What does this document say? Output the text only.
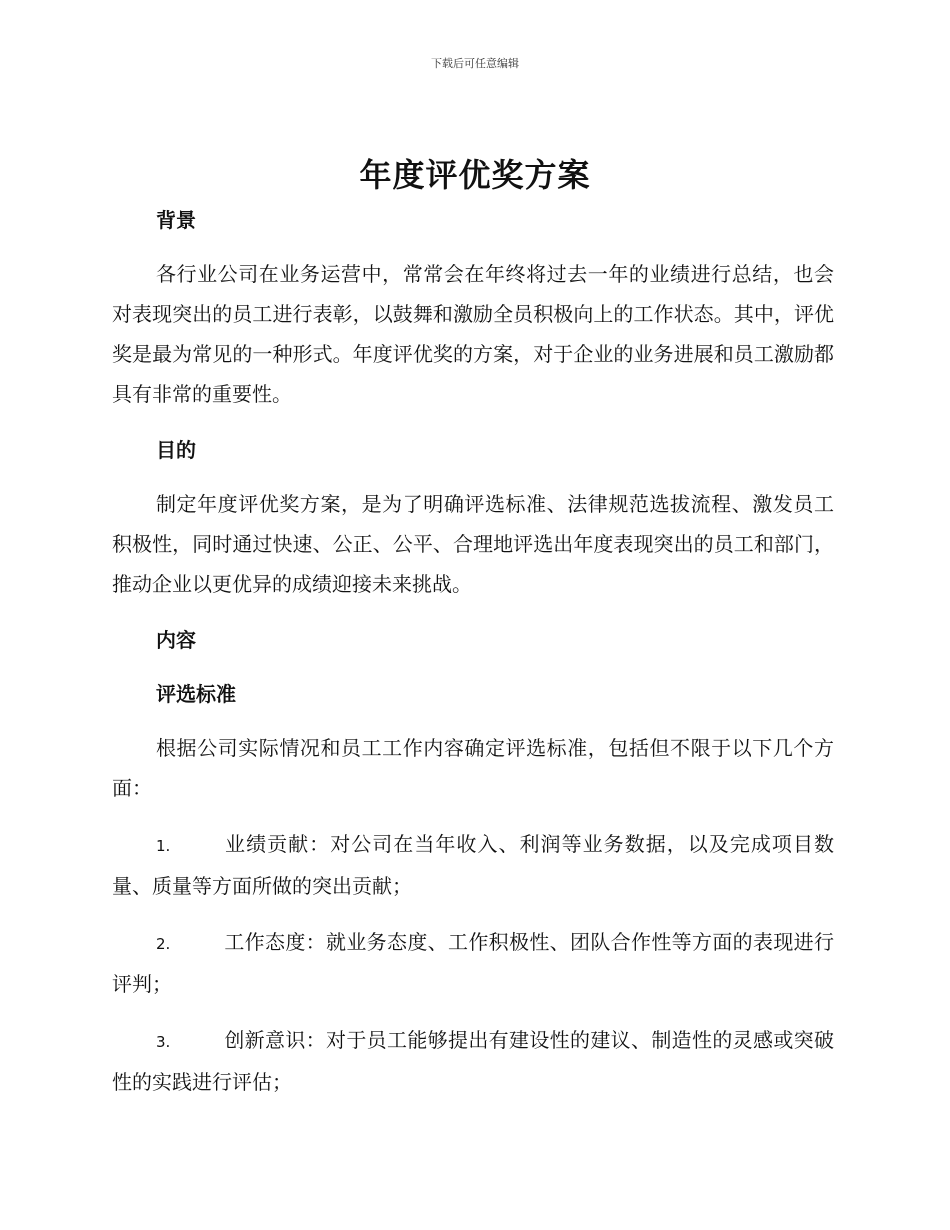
下载后可任意编辑
年度评优奖方案

背景

各行业公司在业务运营中，常常会在年终将过去一年的业绩进行总结，也会对表现突出的员工进行表彰，以鼓舞和激励全员积极向上的工作状态。其中，评优奖是最为常见的一种形式。年度评优奖的方案，对于企业的业务进展和员工激励都具有非常的重要性。

目的

制定年度评优奖方案，是为了明确评选标准、法律规范选拔流程、激发员工积极性，同时通过快速、公正、公平、合理地评选出年度表现突出的员工和部门，推动企业以更优异的成绩迎接未来挑战。

内容

评选标准

根据公司实际情况和员工工作内容确定评选标准，包括但不限于以下几个方面：

1.	业绩贡献：对公司在当年收入、利润等业务数据，以及完成项目数量、质量等方面所做的突出贡献；

2.	工作态度：就业务态度、工作积极性、团队合作性等方面的表现进行评判；

3.	创新意识：对于员工能够提出有建设性的建议、制造性的灵感或突破性的实践进行评估；
